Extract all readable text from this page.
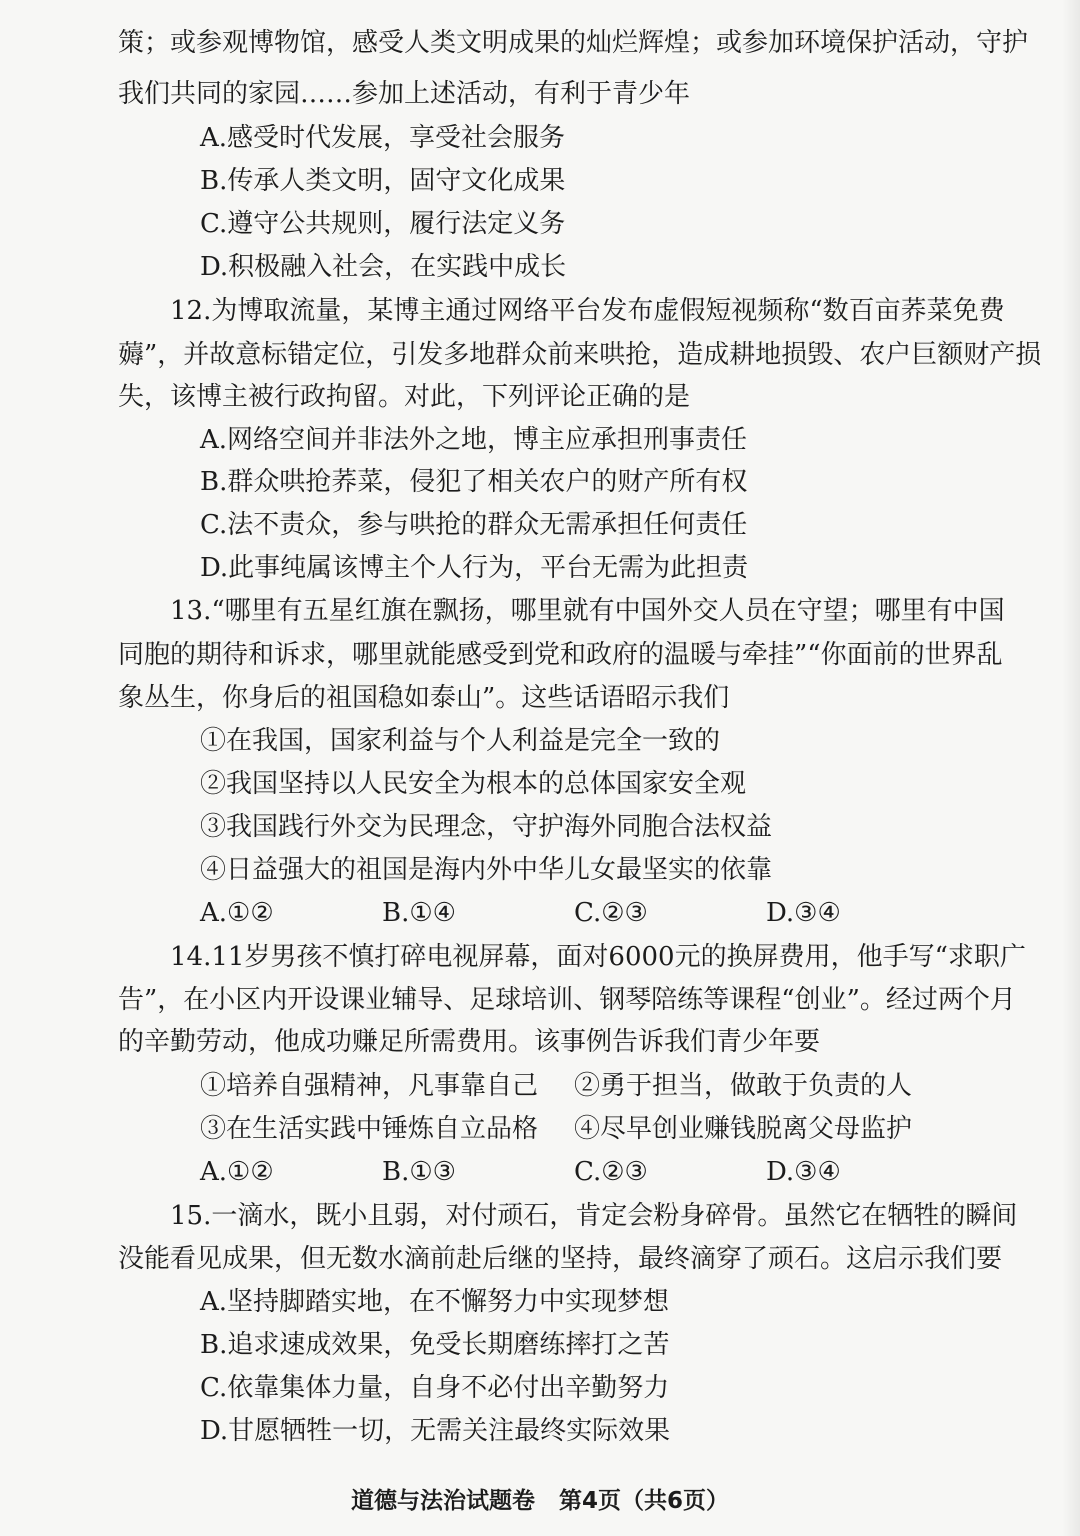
策；或参观博物馆，感受人类文明成果的灿烂辉煌；或参加环境保护活动，守护
我们共同的家园……参加上述活动，有利于青少年
A.感受时代发展，享受社会服务
B.传承人类文明，固守文化成果
C.遵守公共规则，履行法定义务
D.积极融入社会，在实践中成长
12.为博取流量，某博主通过网络平台发布虚假短视频称“数百亩荞菜免费
薅”，并故意标错定位，引发多地群众前来哄抢，造成耕地损毁、农户巨额财产损
失，该博主被行政拘留。对此，下列评论正确的是
A.网络空间并非法外之地，博主应承担刑事责任
B.群众哄抢荞菜，侵犯了相关农户的财产所有权
C.法不责众，参与哄抢的群众无需承担任何责任
D.此事纯属该博主个人行为，平台无需为此担责
13.“哪里有五星红旗在飘扬，哪里就有中国外交人员在守望；哪里有中国
同胞的期待和诉求，哪里就能感受到党和政府的温暖与牵挂”“你面前的世界乱
象丛生，你身后的祖国稳如泰山”。这些话语昭示我们
①在我国，国家利益与个人利益是完全一致的
②我国坚持以人民安全为根本的总体国家安全观
③我国践行外交为民理念，守护海外同胞合法权益
④日益强大的祖国是海内外中华儿女最坚实的依靠
A.①②	B.①④	C.②③	D.③④
14.11岁男孩不慎打碎电视屏幕，面对6000元的换屏费用，他手写“求职广
告”，在小区内开设课业辅导、足球培训、钢琴陪练等课程“创业”。经过两个月
的辛勤劳动，他成功赚足所需费用。该事例告诉我们青少年要
①培养自强精神，凡事靠自己 ②勇于担当，做敢于负责的人
③在生活实践中锤炼自立品格 ④尽早创业赚钱脱离父母监护
A.①②	B.①③	C.②③	D.③④
15.一滴水，既小且弱，对付顽石，肯定会粉身碎骨。虽然它在牺牲的瞬间
没能看见成果，但无数水滴前赴后继的坚持，最终滴穿了顽石。这启示我们要
A.坚持脚踏实地，在不懈努力中实现梦想
B.追求速成效果，免受长期磨练摔打之苦
C.依靠集体力量，自身不必付出辛勤努力
D.甘愿牺牲一切，无需关注最终实际效果
道德与法治试题卷 第4页（共6页）
